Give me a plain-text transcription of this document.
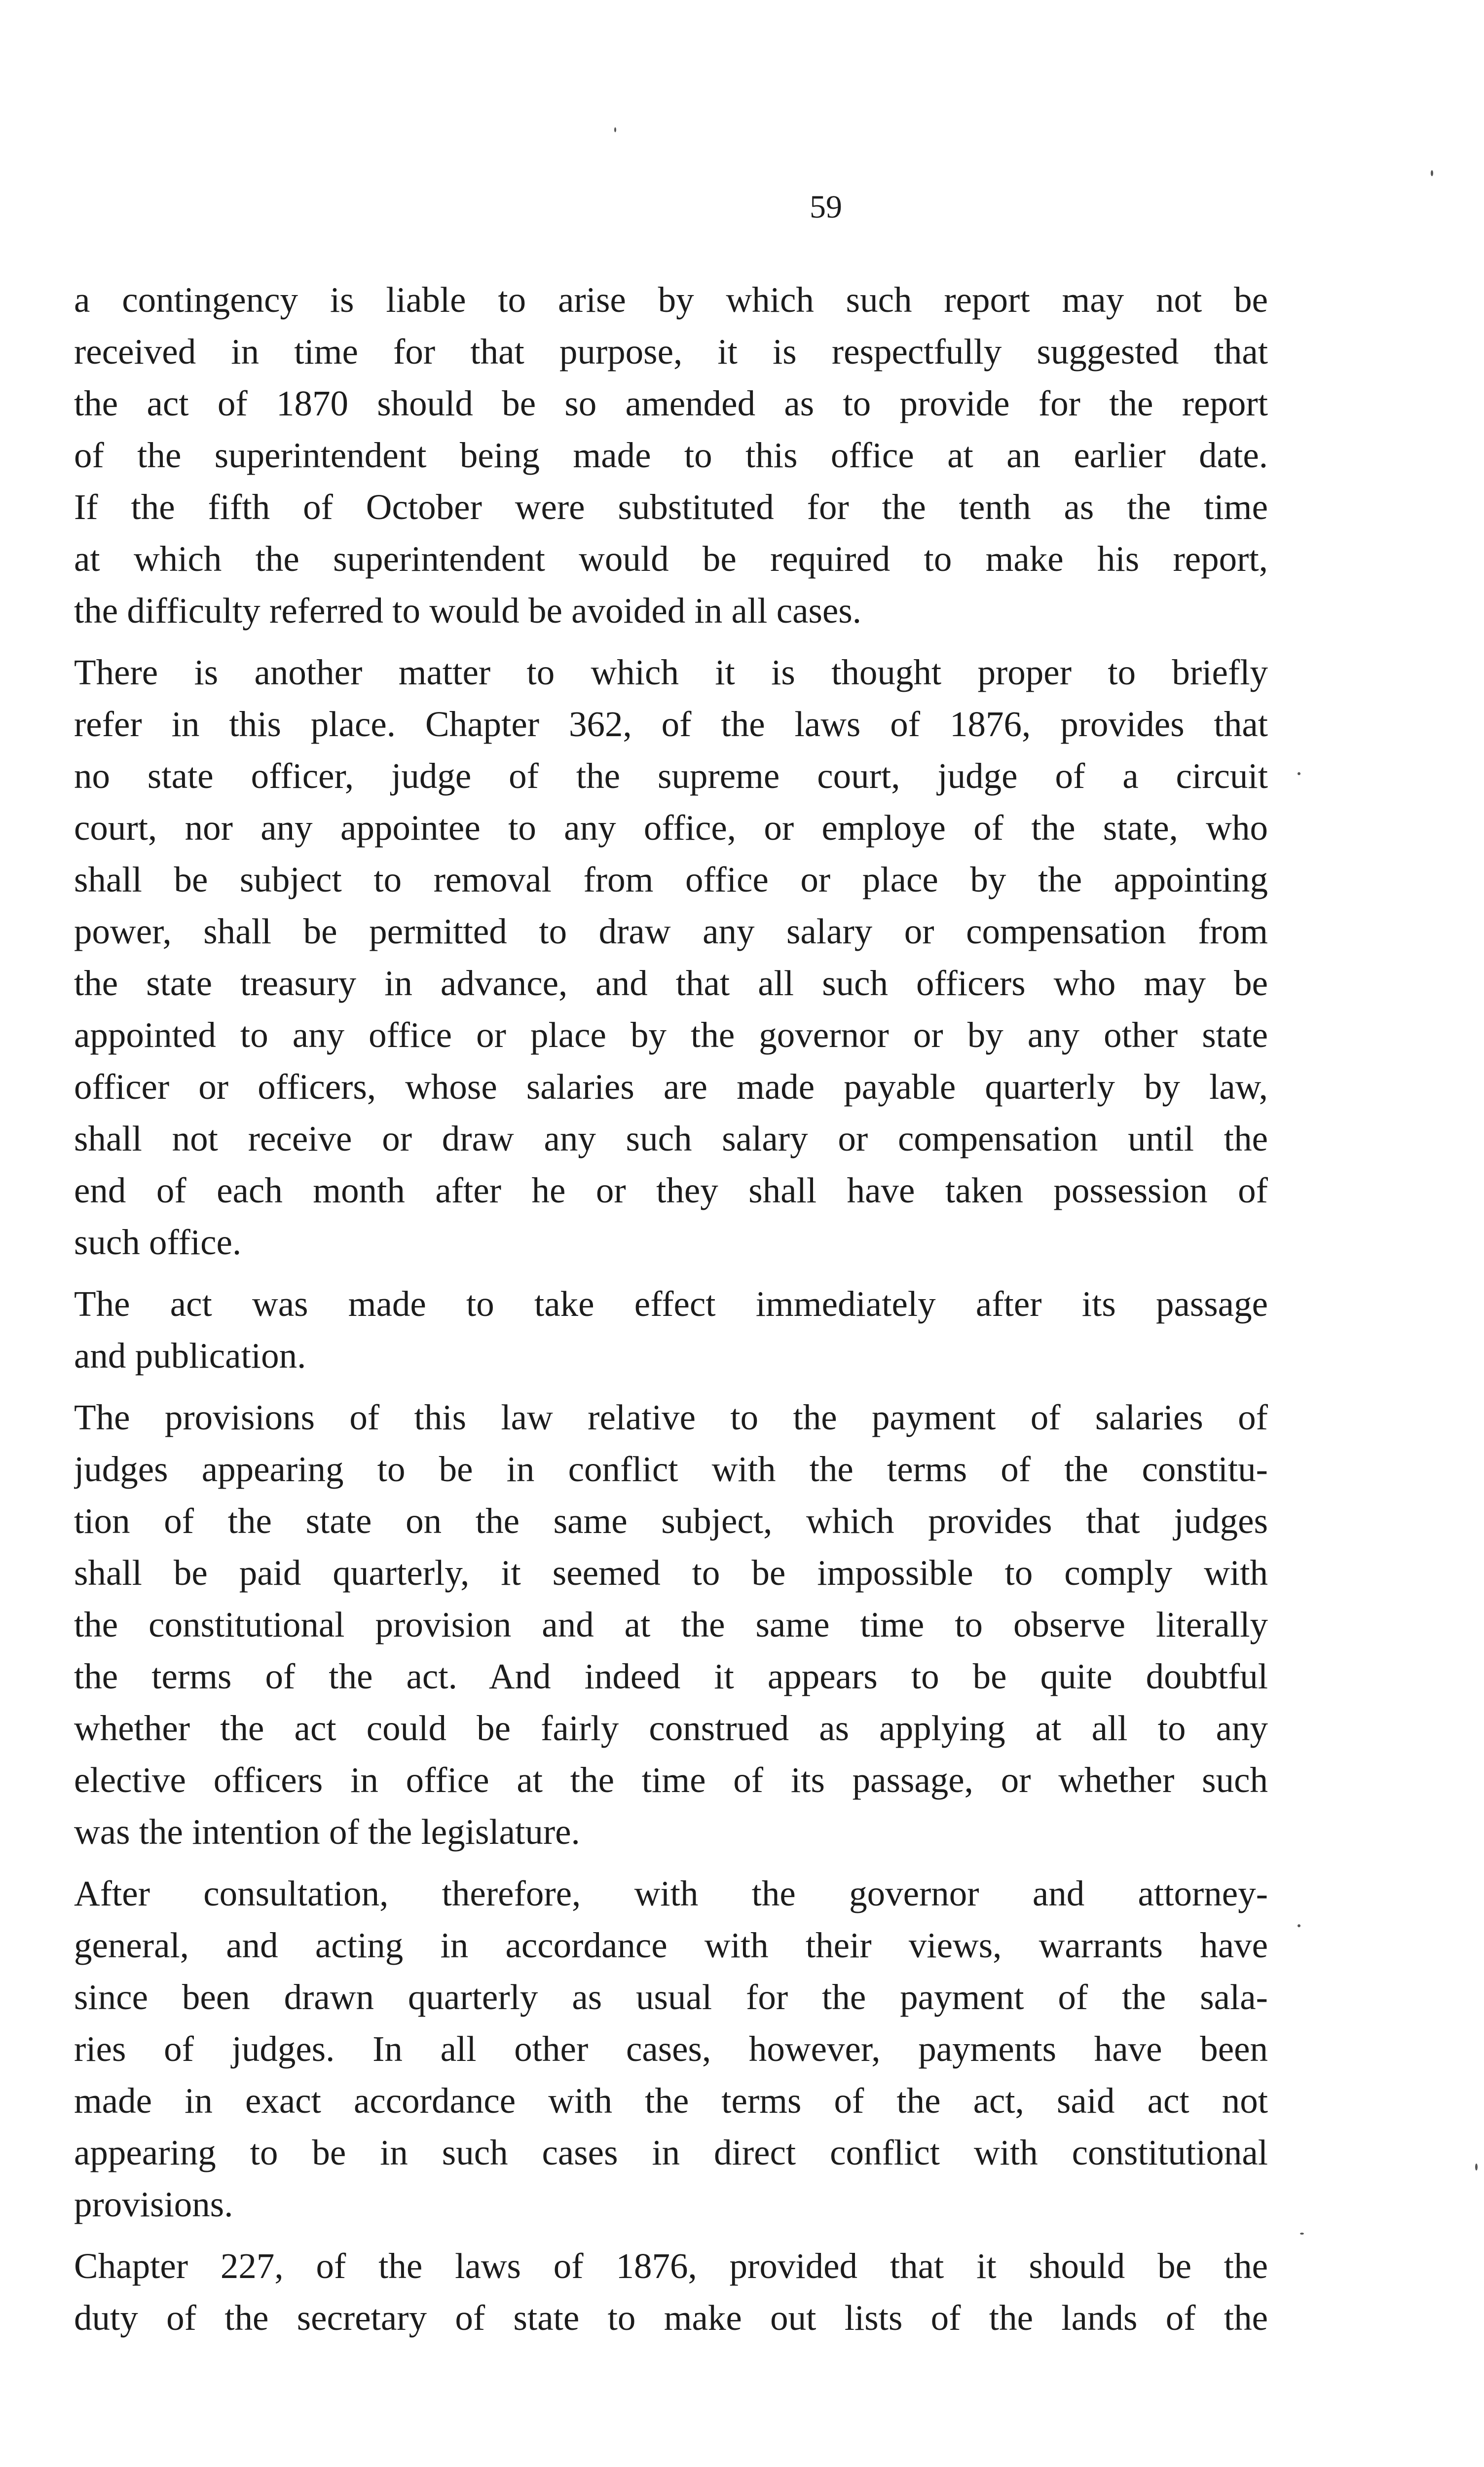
59
a contingency is liable to arise by which such report may not be
received in time for that purpose, it is respectfully suggested that
the act of 1870 should be so amended as to provide for the report
of the superintendent being made to this office at an earlier date.
If the fifth of October were substituted for the tenth as the time
at which the superintendent would be required to make his report,
the difficulty referred to would be avoided in all cases.
There is another matter to which it is thought proper to briefly
refer in this place. Chapter 362, of the laws of 1876, provides that
no state officer, judge of the supreme court, judge of a circuit
court, nor any appointee to any office, or employe of the state, who
shall be subject to removal from office or place by the appointing
power, shall be permitted to draw any salary or compensation from
the state treasury in advance, and that all such officers who may be
appointed to any office or place by the governor or by any other state
officer or officers, whose salaries are made payable quarterly by law,
shall not receive or draw any such salary or compensation until the
end of each month after he or they shall have taken possession of
such office.
The act was made to take effect immediately after its passage
and publication.
The provisions of this law relative to the payment of salaries of
judges appearing to be in conflict with the terms of the constitu-
tion of the state on the same subject, which provides that judges
shall be paid quarterly, it seemed to be impossible to comply with
the constitutional provision and at the same time to observe literally
the terms of the act. And indeed it appears to be quite doubtful
whether the act could be fairly construed as applying at all to any
elective officers in office at the time of its passage, or whether such
was the intention of the legislature.
After consultation, therefore, with the governor and attorney-
general, and acting in accordance with their views, warrants have
since been drawn quarterly as usual for the payment of the sala-
ries of judges. In all other cases, however, payments have been
made in exact accordance with the terms of the act, said act not
appearing to be in such cases in direct conflict with constitutional
provisions.
Chapter 227, of the laws of 1876, provided that it should be the
duty of the secretary of state to make out lists of the lands of the
